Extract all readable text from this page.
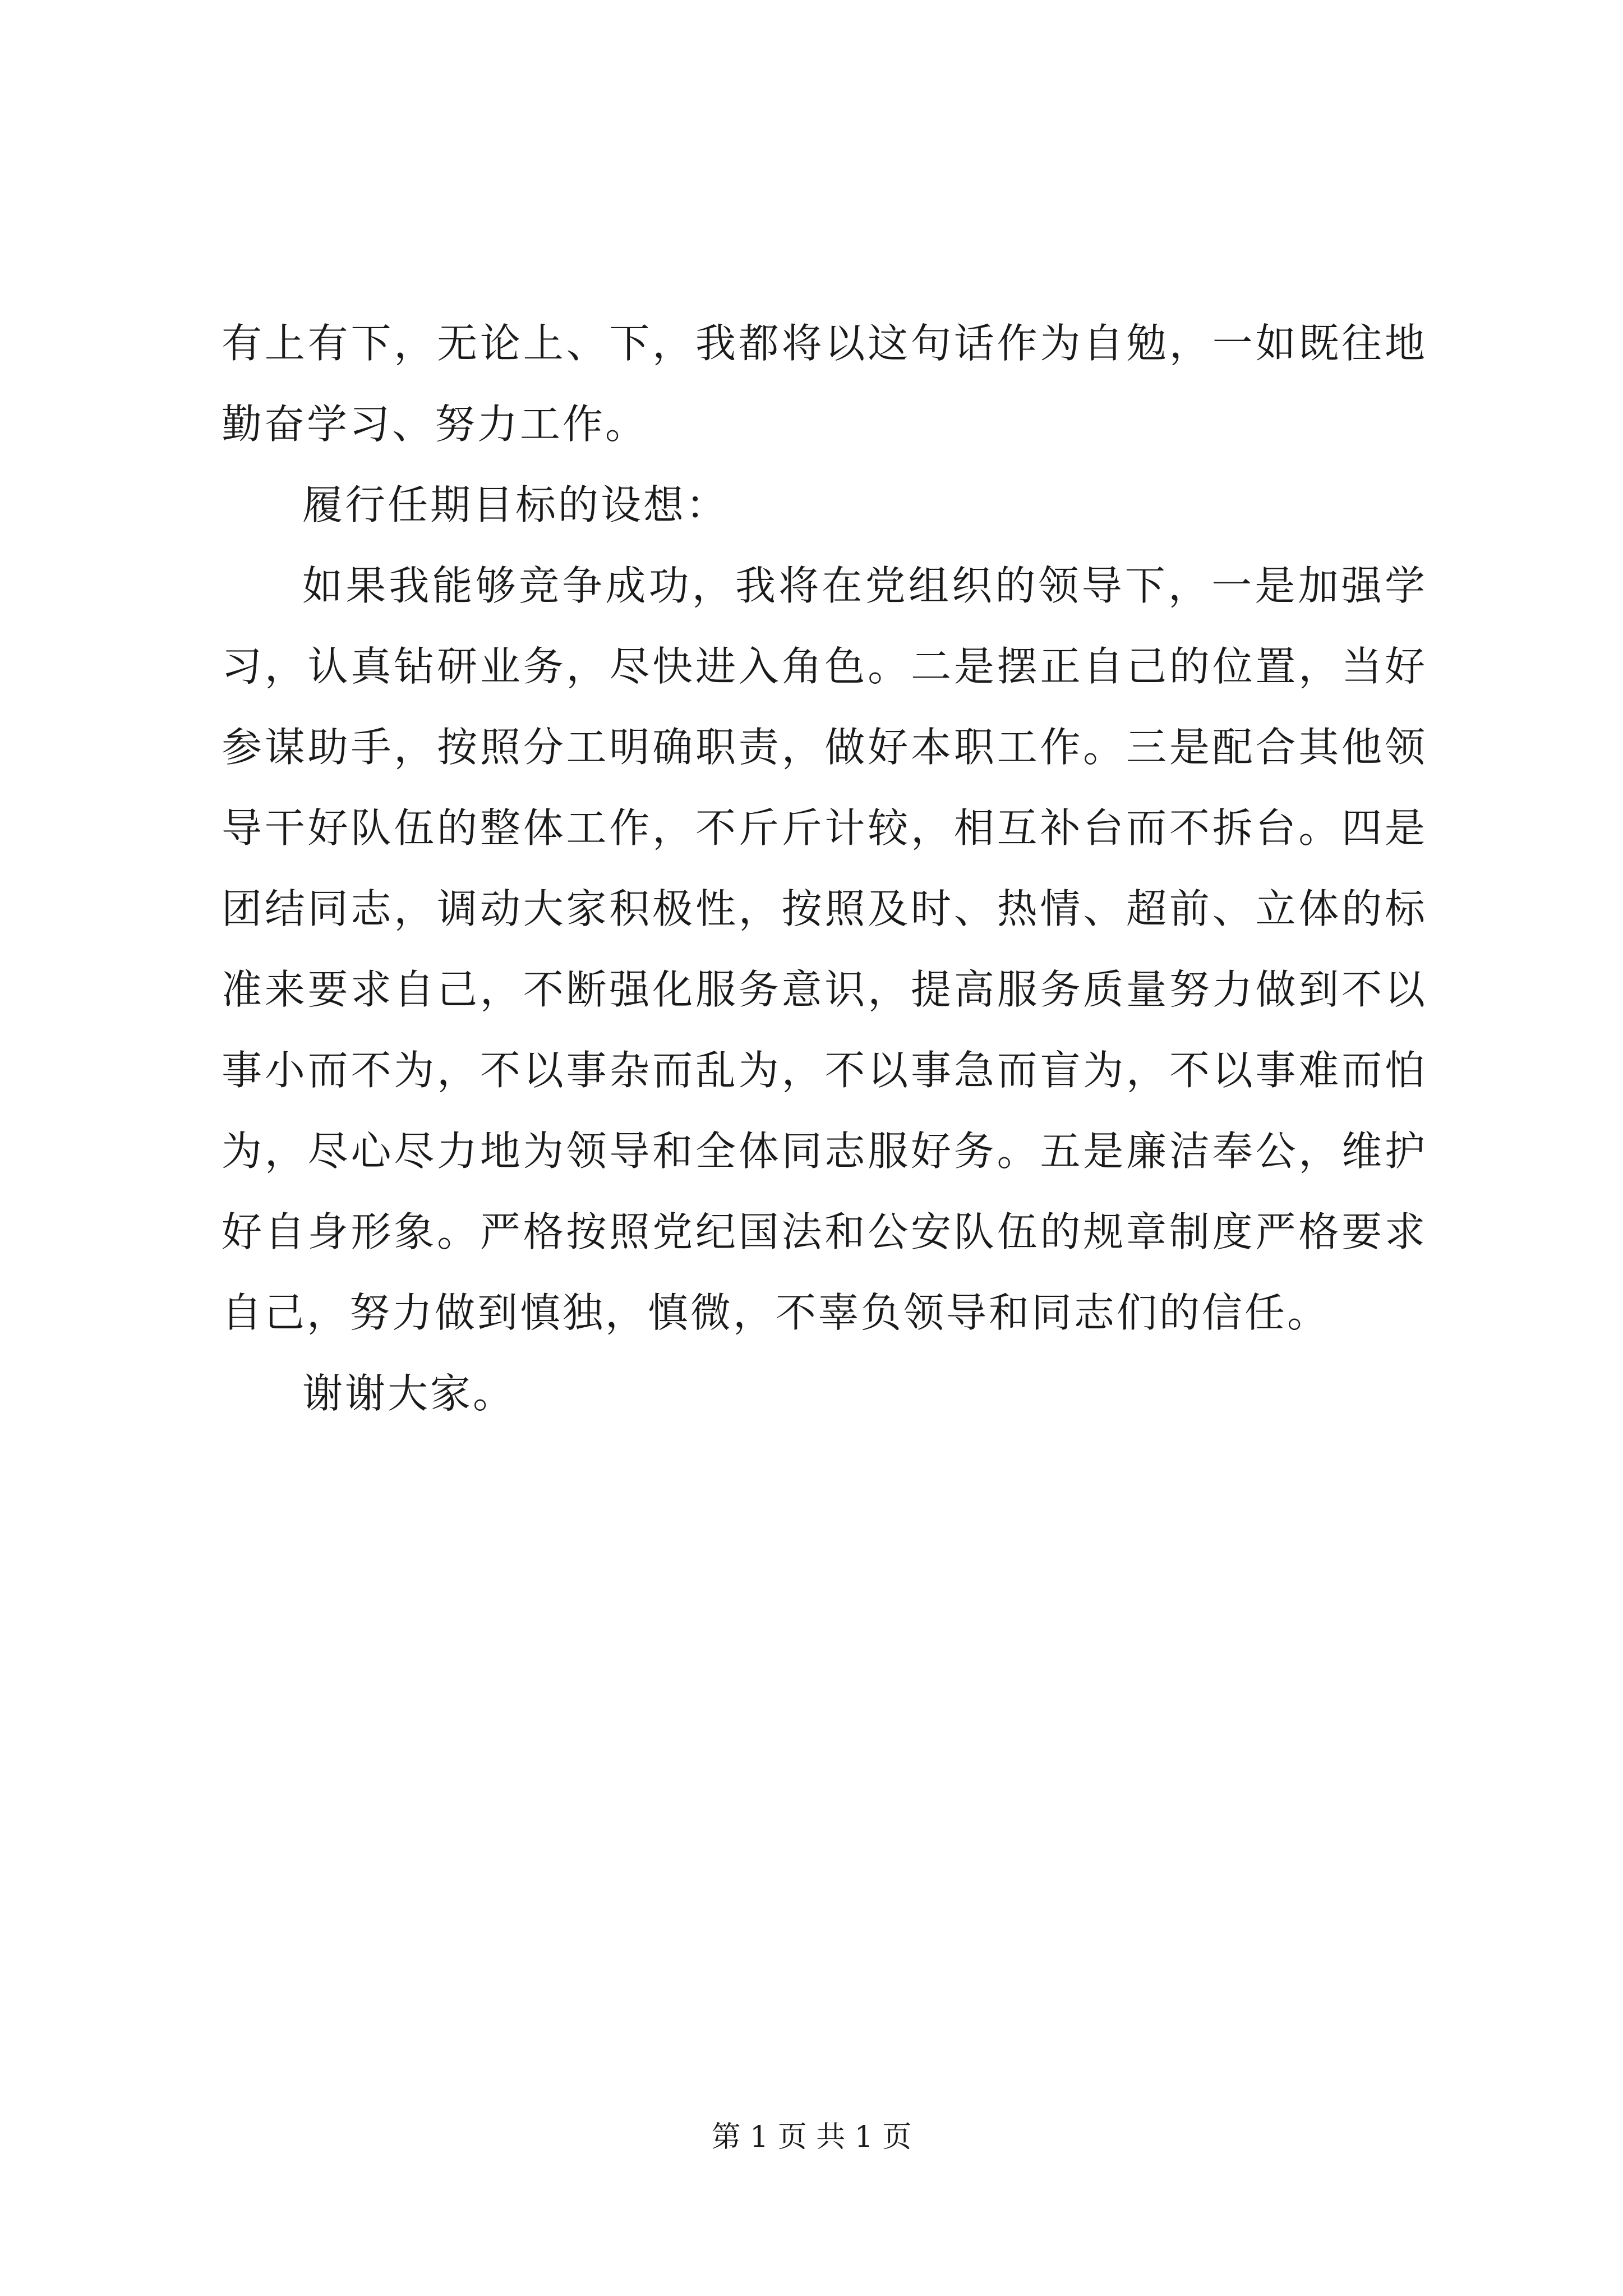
有上有下，无论上、下，我都将以这句话作为自勉，一如既往地勤奋学习、努力工作。

履行任期目标的设想：

如果我能够竞争成功，我将在党组织的领导下，一是加强学习，认真钻研业务，尽快进入角色。二是摆正自己的位置，当好参谋助手，按照分工明确职责，做好本职工作。三是配合其他领导干好队伍的整体工作，不斤斤计较，相互补台而不拆台。四是团结同志，调动大家积极性，按照及时、热情、超前、立体的标准来要求自己，不断强化服务意识，提高服务质量努力做到不以事小而不为，不以事杂而乱为，不以事急而盲为，不以事难而怕为，尽心尽力地为领导和全体同志服好务。五是廉洁奉公，维护好自身形象。严格按照党纪国法和公安队伍的规章制度严格要求自己，努力做到慎独，慎微，不辜负领导和同志们的信任。

谢谢大家。

第 1 页 共 1 页
